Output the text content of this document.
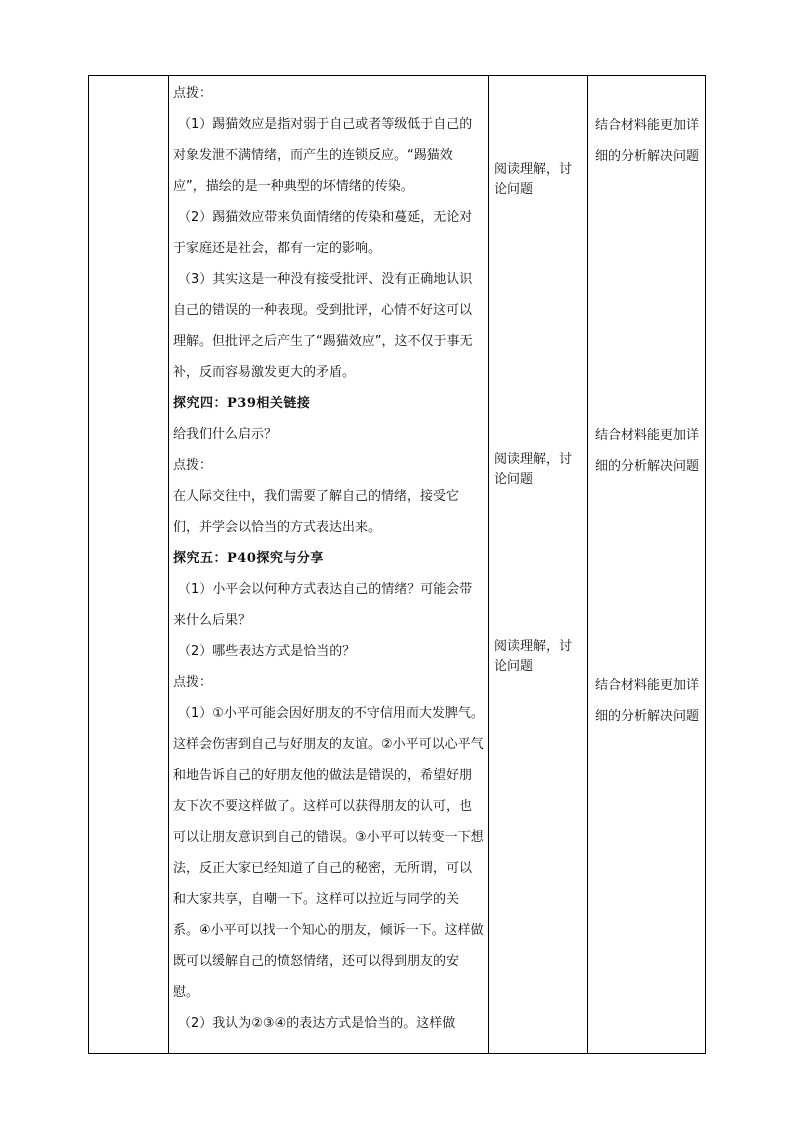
点拨：

（1）踢猫效应是指对弱于自己或者等级低于自己的对象发泄不满情绪，而产生的连锁反应。“踢猫效应”，描绘的是一种典型的坏情绪的传染。

（2）踢猫效应带来负面情绪的传染和蔓延，无论对于家庭还是社会，都有一定的影响。

（3）其实这是一种没有接受批评、没有正确地认识自己的错误的一种表现。受到批评，心情不好这可以理解。但批评之后产生了“踢猫效应”，这不仅于事无补，反而容易激发更大的矛盾。

探究四：P39相关链接

给我们什么启示？

点拨：

在人际交往中，我们需要了解自己的情绪，接受它们，并学会以恰当的方式表达出来。

探究五：P40探究与分享

（1）小平会以何种方式表达自己的情绪？可能会带来什么后果？

（2）哪些表达方式是恰当的？

点拨：

（1）①小平可能会因好朋友的不守信用而大发脾气。这样会伤害到自己与好朋友的友谊。②小平可以心平气和地告诉自己的好朋友他的做法是错误的，希望好朋友下次不要这样做了。这样可以获得朋友的认可，也可以让朋友意识到自己的错误。③小平可以转变一下想法，反正大家已经知道了自己的秘密，无所谓，可以和大家共享，自嘲一下。这样可以拉近与同学的关系。④小平可以找一个知心的朋友，倾诉一下。这样做既可以缓解自己的愤怒情绪，还可以得到朋友的安慰。

（2）我认为②③④的表达方式是恰当的。这样做

阅读理解，讨论问题
阅读理解，讨论问题
阅读理解，讨论问题
结合材料能更加详细的分析解决问题
结合材料能更加详细的分析解决问题
结合材料能更加详细的分析解决问题
